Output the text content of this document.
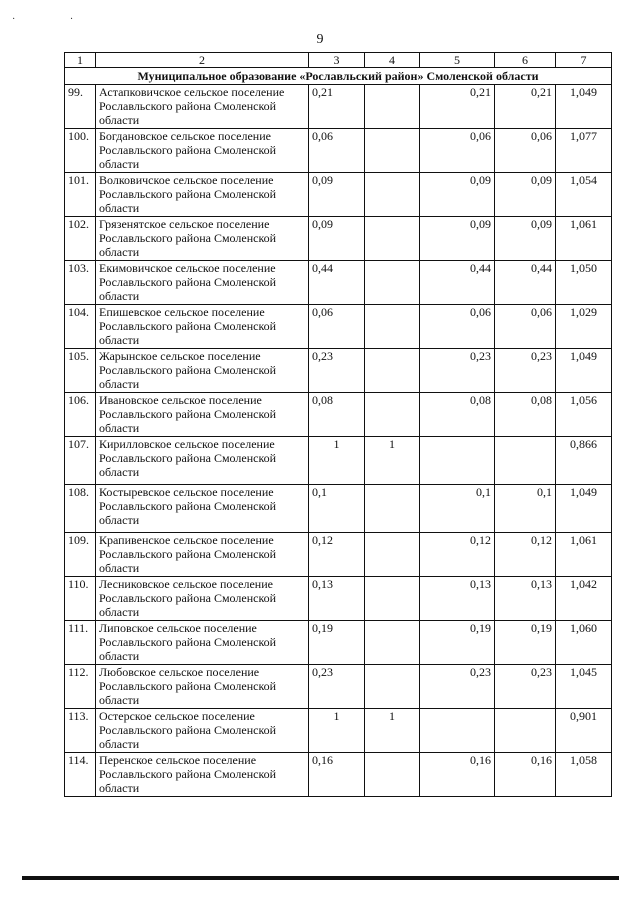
· ·
9
1	2	3	4	5	6	7
Муниципальное образование «Рославльский район» Смоленской области						
99.	Астапковичское сельское поселение Рославльского района Смоленской области	0,21		0,21	0,21	1,049
100.	Богдановское сельское поселение Рославльского района Смоленской области	0,06		0,06	0,06	1,077
101.	Волковичское сельское поселение Рославльского района Смоленской области	0,09		0,09	0,09	1,054
102.	Грязенятское сельское поселение Рославльского района Смоленской области	0,09		0,09	0,09	1,061
103.	Екимовичское сельское поселение Рославльского района Смоленской области	0,44		0,44	0,44	1,050
104.	Епишевское сельское поселение Рославльского района Смоленской области	0,06		0,06	0,06	1,029
105.	Жарынское сельское поселение Рославльского района Смоленской области	0,23		0,23	0,23	1,049
106.	Ивановское сельское поселение Рославльского района Смоленской области	0,08		0,08	0,08	1,056
107.	Кирилловское сельское поселение Рославльского района Смоленской области	1	1			0,866
108.	Костыревское сельское поселение Рославльского района Смоленской области	0,1		0,1	0,1	1,049
109.	Крапивенское сельское поселение Рославльского района Смоленской области	0,12		0,12	0,12	1,061
110.	Лесниковское сельское поселение Рославльского района Смоленской области	0,13		0,13	0,13	1,042
111.	Липовское сельское поселение Рославльского района Смоленской области	0,19		0,19	0,19	1,060
112.	Любовское сельское поселение Рославльского района Смоленской области	0,23		0,23	0,23	1,045
113.	Остерское сельское поселение Рославльского района Смоленской области	1	1			0,901
114.	Перенское сельское поселение Рославльского района Смоленской области	0,16		0,16	0,16	1,058
